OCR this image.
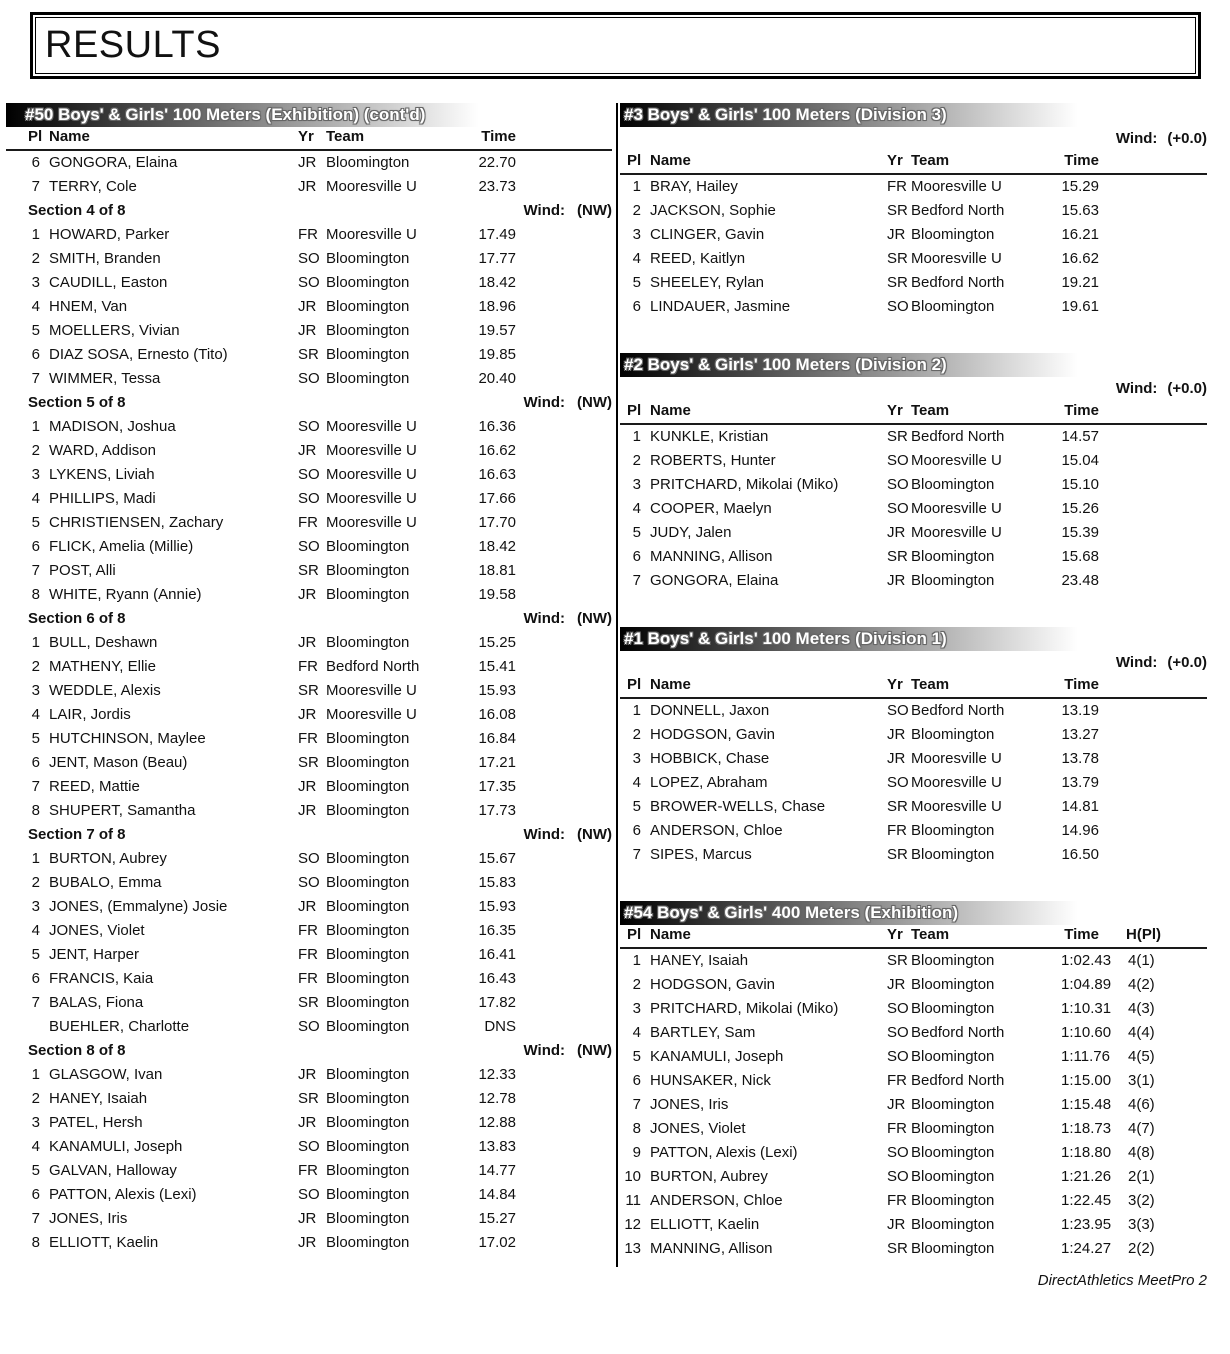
RESULTS
#50 Boys' & Girls' 100 Meters (Exhibition) (cont'd)
Pl Name	Yr Team	Time
6 GONGORA, Elaina	JR Bloomington	22.70
7 TERRY, Cole	JR Mooresville U	23.73
Section 4 of 8	Wind: (NW)
1 HOWARD, Parker	FR Mooresville U	17.49
2 SMITH, Branden	SO Bloomington	17.77
3 CAUDILL, Easton	SO Bloomington	18.42
4 HNEM, Van	JR Bloomington	18.96
5 MOELLERS, Vivian	JR Bloomington	19.57
6 DIAZ SOSA, Ernesto (Tito)	SR Bloomington	19.85
7 WIMMER, Tessa	SO Bloomington	20.40
Section 5 of 8	Wind: (NW)
1 MADISON, Joshua	SO Mooresville U	16.36
2 WARD, Addison	JR Mooresville U	16.62
3 LYKENS, Liviah	SO Mooresville U	16.63
4 PHILLIPS, Madi	SO Mooresville U	17.66
5 CHRISTIENSEN, Zachary	FR Mooresville U	17.70
6 FLICK, Amelia (Millie)	SO Bloomington	18.42
7 POST, Alli	SR Bloomington	18.81
8 WHITE, Ryann (Annie)	JR Bloomington	19.58
Section 6 of 8	Wind: (NW)
1 BULL, Deshawn	JR Bloomington	15.25
2 MATHENY, Ellie	FR Bedford North	15.41
3 WEDDLE, Alexis	SR Mooresville U	15.93
4 LAIR, Jordis	JR Mooresville U	16.08
5 HUTCHINSON, Maylee	FR Bloomington	16.84
6 JENT, Mason (Beau)	SR Bloomington	17.21
7 REED, Mattie	JR Bloomington	17.35
8 SHUPERT, Samantha	JR Bloomington	17.73
Section 7 of 8	Wind: (NW)
1 BURTON, Aubrey	SO Bloomington	15.67
2 BUBALO, Emma	SO Bloomington	15.83
3 JONES, (Emmalyne) Josie	JR Bloomington	15.93
4 JONES, Violet	FR Bloomington	16.35
5 JENT, Harper	FR Bloomington	16.41
6 FRANCIS, Kaia	FR Bloomington	16.43
7 BALAS, Fiona	SR Bloomington	17.82
BUEHLER, Charlotte	SO Bloomington	DNS
Section 8 of 8	Wind: (NW)
1 GLASGOW, Ivan	JR Bloomington	12.33
2 HANEY, Isaiah	SR Bloomington	12.78
3 PATEL, Hersh	JR Bloomington	12.88
4 KANAMULI, Joseph	SO Bloomington	13.83
5 GALVAN, Halloway	FR Bloomington	14.77
6 PATTON, Alexis (Lexi)	SO Bloomington	14.84
7 JONES, Iris	JR Bloomington	15.27
8 ELLIOTT, Kaelin	JR Bloomington	17.02
#3 Boys' & Girls' 100 Meters (Division 3)
Wind: (+0.0)
Pl Name	Yr Team	Time
1 BRAY, Hailey	FR Mooresville U	15.29
2 JACKSON, Sophie	SR Bedford North	15.63
3 CLINGER, Gavin	JR Bloomington	16.21
4 REED, Kaitlyn	SR Mooresville U	16.62
5 SHEELEY, Rylan	SR Bedford North	19.21
6 LINDAUER, Jasmine	SO Bloomington	19.61
#2 Boys' & Girls' 100 Meters (Division 2)
Wind: (+0.0)
Pl Name	Yr Team	Time
1 KUNKLE, Kristian	SR Bedford North	14.57
2 ROBERTS, Hunter	SO Mooresville U	15.04
3 PRITCHARD, Mikolai (Miko)	SO Bloomington	15.10
4 COOPER, Maelyn	SO Mooresville U	15.26
5 JUDY, Jalen	JR Mooresville U	15.39
6 MANNING, Allison	SR Bloomington	15.68
7 GONGORA, Elaina	JR Bloomington	23.48
#1 Boys' & Girls' 100 Meters (Division 1)
Wind: (+0.0)
Pl Name	Yr Team	Time
1 DONNELL, Jaxon	SO Bedford North	13.19
2 HODGSON, Gavin	JR Bloomington	13.27
3 HOBBICK, Chase	JR Mooresville U	13.78
4 LOPEZ, Abraham	SO Mooresville U	13.79
5 BROWER-WELLS, Chase	SR Mooresville U	14.81
6 ANDERSON, Chloe	FR Bloomington	14.96
7 SIPES, Marcus	SR Bloomington	16.50
#54 Boys' & Girls' 400 Meters (Exhibition)
Pl Name	Yr Team	Time	H(Pl)
1 HANEY, Isaiah	SR Bloomington	1:02.43	4(1)
2 HODGSON, Gavin	JR Bloomington	1:04.89	4(2)
3 PRITCHARD, Mikolai (Miko)	SO Bloomington	1:10.31	4(3)
4 BARTLEY, Sam	SO Bedford North	1:10.60	4(4)
5 KANAMULI, Joseph	SO Bloomington	1:11.76	4(5)
6 HUNSAKER, Nick	FR Bedford North	1:15.00	3(1)
7 JONES, Iris	JR Bloomington	1:15.48	4(6)
8 JONES, Violet	FR Bloomington	1:18.73	4(7)
9 PATTON, Alexis (Lexi)	SO Bloomington	1:18.80	4(8)
10 BURTON, Aubrey	SO Bloomington	1:21.26	2(1)
11 ANDERSON, Chloe	FR Bloomington	1:22.45	3(2)
12 ELLIOTT, Kaelin	JR Bloomington	1:23.95	3(3)
13 MANNING, Allison	SR Bloomington	1:24.27	2(2)
DirectAthletics MeetPro 2
